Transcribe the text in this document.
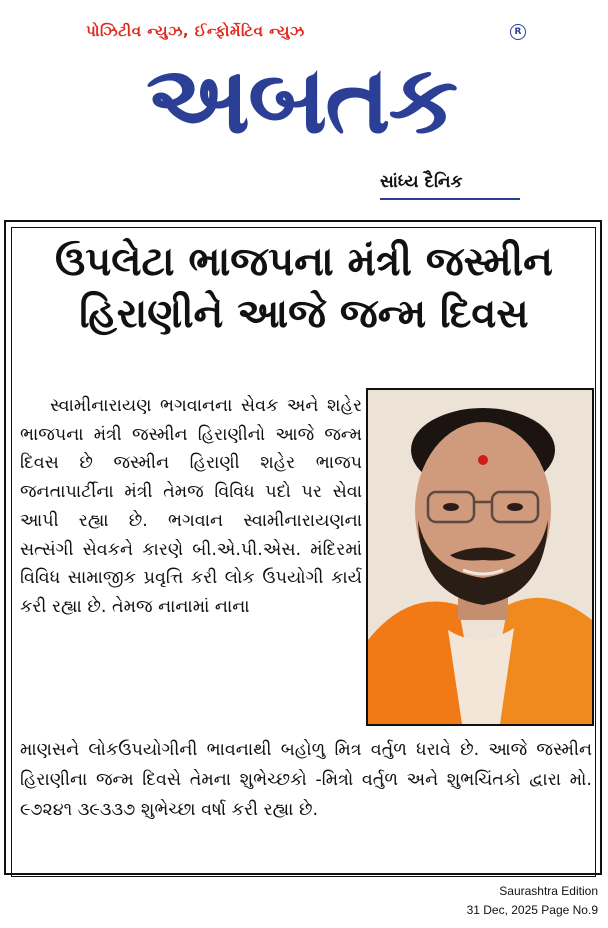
પોઝિટીવ ન્યુઝ, ઈન્ફોર્મેટિવ ન્યુઝ	R
અબતક
સાંધ્ય દૈનિક
ઉપલેટા ભાજપના મંત્રી જસ્મીન
હિરાણીને આજે જન્મ દિવસ
સ્વામીનારાયણ ભગવાનના સેવક અને શહેર ભાજપના મંત્રી જસ્મીન હિરાણીનો આજે જન્મ દિવસ છે જસ્મીન હિરાણી શહેર ભાજપ જનતાપાર્ટીના મંત્રી તેમજ વિવિધ પદો પર સેવા આપી રહ્યા છે. ભગવાન સ્વામીનારાયણના સત્સંગી સેવકને કારણે બી.એ.પી.એસ. મંદિરમાં વિવિધ સામાજીક પ્રવૃત્તિ કરી લોક ઉપયોગી કાર્ય કરી રહ્યા છે. તેમજ નાનામાં નાના
માણસને લોકઉપયોગીની ભાવનાથી બહોળુ મિત્ર વર્તુળ ધરાવે છે. આજે જસ્મીન હિરાણીના જન્મ દિવસે તેમના શુભેચ્છકો -મિત્રો વર્તુળ અને શુભચિંતકો દ્વારા મો. ૯૭૨૪૧ ૩૯૩૩૭ શુભેચ્છા વર્ષા કરી રહ્યા છે.
Saurashtra Edition
31 Dec, 2025 Page No.9
